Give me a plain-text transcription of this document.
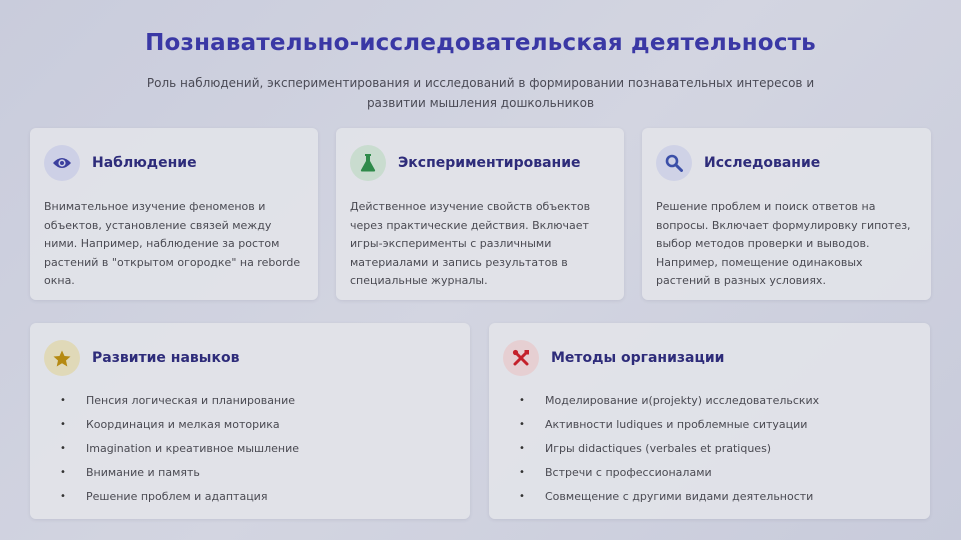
Познавательно-исследовательская деятельность
Роль наблюдений, экспериментирования и исследований в формировании познавательных интересов и развитии мышления дошкольников
Наблюдение
Внимательное изучение феноменов и объектов, установление связей между ними. Например, наблюдение за ростом растений в "открытом огородке" на reborde окна.
Экспериментирование
Действенное изучение свойств объектов через практические действия. Включает игры-эксперименты с различными материалами и запись результатов в специальные журналы.
Исследование
Решение проблем и поиск ответов на вопросы. Включает формулировку гипотез, выбор методов проверки и выводов. Например, помещение одинаковых растений в разных условиях.
Развитие навыков
• Пенсия логическая и планирование
• Координация и мелкая моторика
• Imagination и креативное мышление
• Внимание и память
• Решение проблем и адаптация
Методы организации
• Моделирование и(projekty) исследовательских
• Активности ludiques и проблемные ситуации
• Игры didactiques (verbales et pratiques)
• Встречи с профессионалами
• Совмещение с другими видами деятельности
